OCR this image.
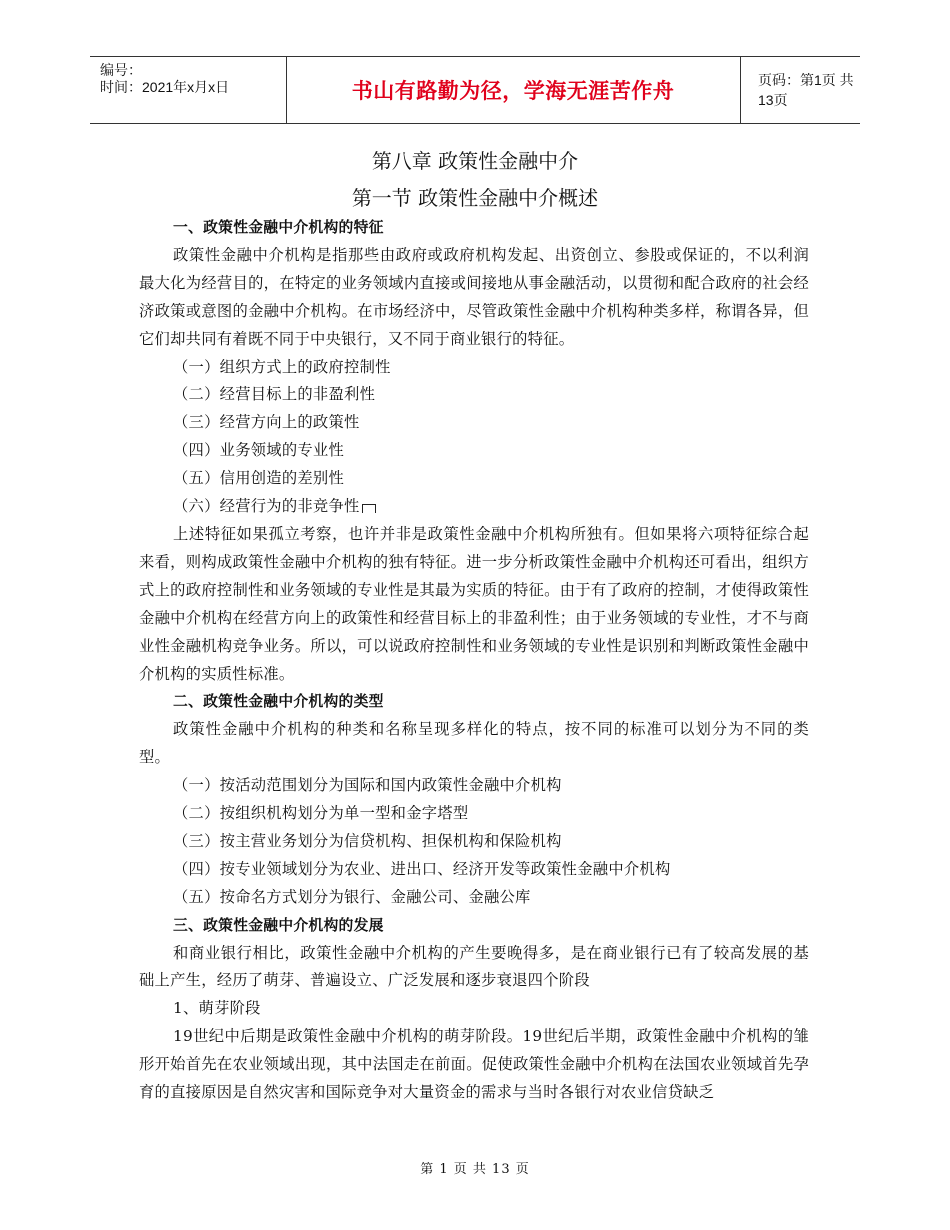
编号：
时间：2021年x月x日	书山有路勤为径，学海无涯苦作舟	页码：第1页 共13页
第八章 政策性金融中介
第一节 政策性金融中介概述

一、政策性金融中介机构的特征

政策性金融中介机构是指那些由政府或政府机构发起、出资创立、参股或保证的，不以利润最大化为经营目的，在特定的业务领域内直接或间接地从事金融活动，以贯彻和配合政府的社会经济政策或意图的金融中介机构。在市场经济中，尽管政策性金融中介机构种类多样，称谓各异，但它们却共同有着既不同于中央银行，又不同于商业银行的特征。

（一）组织方式上的政府控制性

（二）经营目标上的非盈利性

（三）经营方向上的政策性

（四）业务领域的专业性

（五）信用创造的差别性

（六）经营行为的非竞争性

上述特征如果孤立考察，也许并非是政策性金融中介机构所独有。但如果将六项特征综合起来看，则构成政策性金融中介机构的独有特征。进一步分析政策性金融中介机构还可看出，组织方式上的政府控制性和业务领域的专业性是其最为实质的特征。由于有了政府的控制，才使得政策性金融中介机构在经营方向上的政策性和经营目标上的非盈利性；由于业务领域的专业性，才不与商业性金融机构竞争业务。所以，可以说政府控制性和业务领域的专业性是识别和判断政策性金融中介机构的实质性标准。

二、政策性金融中介机构的类型

政策性金融中介机构的种类和名称呈现多样化的特点，按不同的标准可以划分为不同的类型。

（一）按活动范围划分为国际和国内政策性金融中介机构

（二）按组织机构划分为单一型和金字塔型

（三）按主营业务划分为信贷机构、担保机构和保险机构

（四）按专业领域划分为农业、进出口、经济开发等政策性金融中介机构

（五）按命名方式划分为银行、金融公司、金融公库

三、政策性金融中介机构的发展

和商业银行相比，政策性金融中介机构的产生要晚得多，是在商业银行已有了较高发展的基础上产生，经历了萌芽、普遍设立、广泛发展和逐步衰退四个阶段

1、萌芽阶段

19世纪中后期是政策性金融中介机构的萌芽阶段。19世纪后半期，政策性金融中介机构的雏形开始首先在农业领域出现，其中法国走在前面。促使政策性金融中介机构在法国农业领域首先孕育的直接原因是自然灾害和国际竞争对大量资金的需求与当时各银行对农业信贷缺乏

第 1 页 共 13 页
